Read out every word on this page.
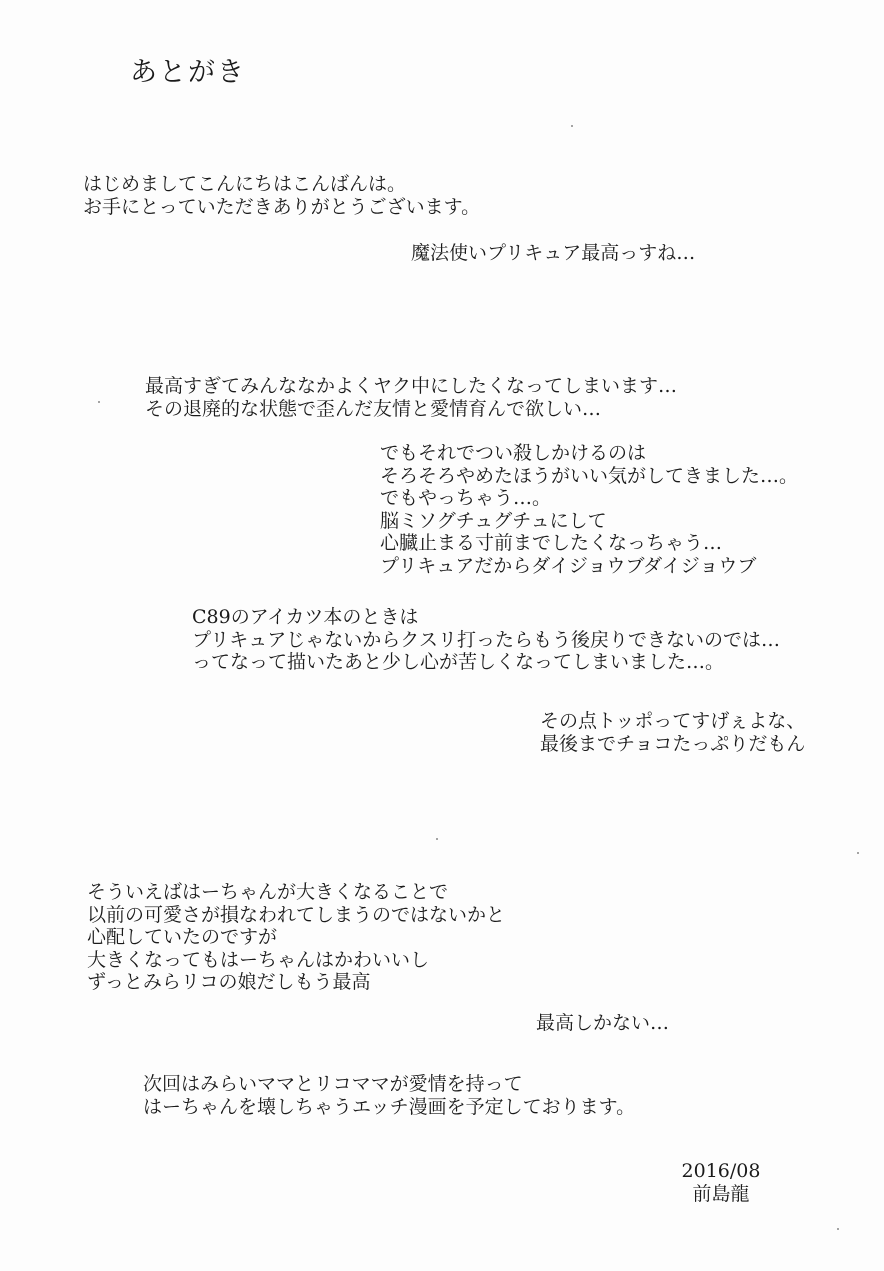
あとがき
はじめましてこんにちはこんばんは。
お手にとっていただきありがとうございます。
魔法使いプリキュア最高っすね…
最高すぎてみんななかよくヤク中にしたくなってしまいます…
その退廃的な状態で歪んだ友情と愛情育んで欲しい…
でもそれでつい殺しかけるのは
そろそろやめたほうがいい気がしてきました…。
でもやっちゃう…。
脳ミソグチュグチュにして
心臓止まる寸前までしたくなっちゃう…
プリキュアだからダイジョウブダイジョウブ
C89のアイカツ本のときは
プリキュアじゃないからクスリ打ったらもう後戻りできないのでは…
ってなって描いたあと少し心が苦しくなってしまいました…。
その点トッポってすげぇよな、
最後までチョコたっぷりだもん
そういえばはーちゃんが大きくなることで
以前の可愛さが損なわれてしまうのではないかと
心配していたのですが
大きくなってもはーちゃんはかわいいし
ずっとみらリコの娘だしもう最高
最高しかない…
次回はみらいママとリコママが愛情を持って
はーちゃんを壊しちゃうエッチ漫画を予定しております。
2016/08
前島龍
